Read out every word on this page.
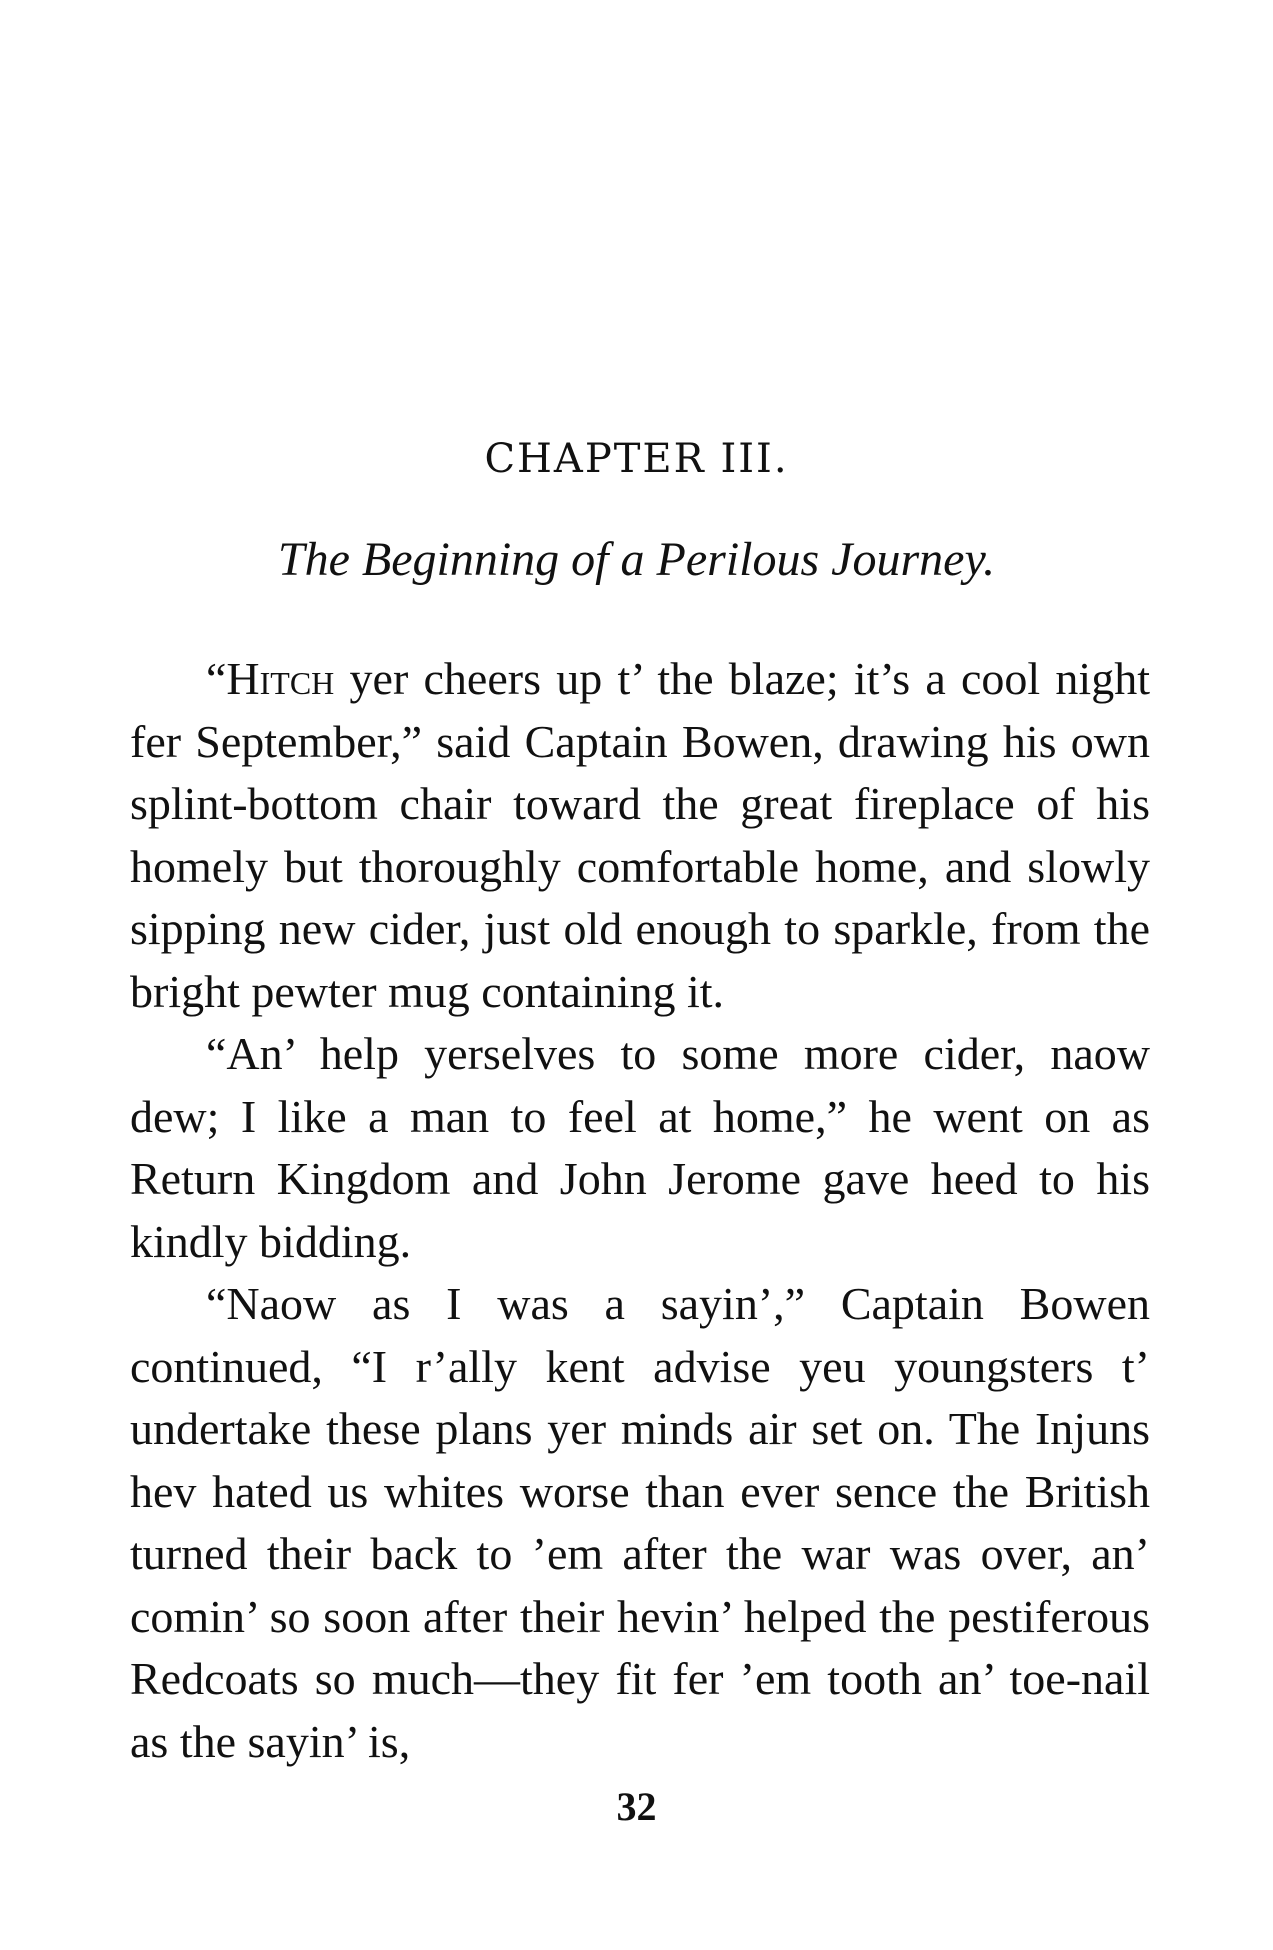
CHAPTER III.
The Beginning of a Perilous Journey.

“Hitch yer cheers up t’ the blaze; it’s a cool night fer September,” said Captain Bowen, drawing his own splint-bottom chair toward the great fireplace of his homely but thoroughly comfortable home, and slowly sipping new cider, just old enough to sparkle, from the bright pewter mug containing it.

“An’ help yerselves to some more cider, naow dew; I like a man to feel at home,” he went on as Return Kingdom and John Jerome gave heed to his kindly bidding.

“Naow as I was a sayin’,” Captain Bowen continued, “I r’ally kent advise yeu youngsters t’ undertake these plans yer minds air set on. The Injuns hev hated us whites worse than ever sence the British turned their back to ’em after the war was over, an’ comin’ so soon after their hevin’ helped the pestiferous Redcoats so much—they fit fer ’em tooth an’ toe-nail as the sayin’ is,

32
